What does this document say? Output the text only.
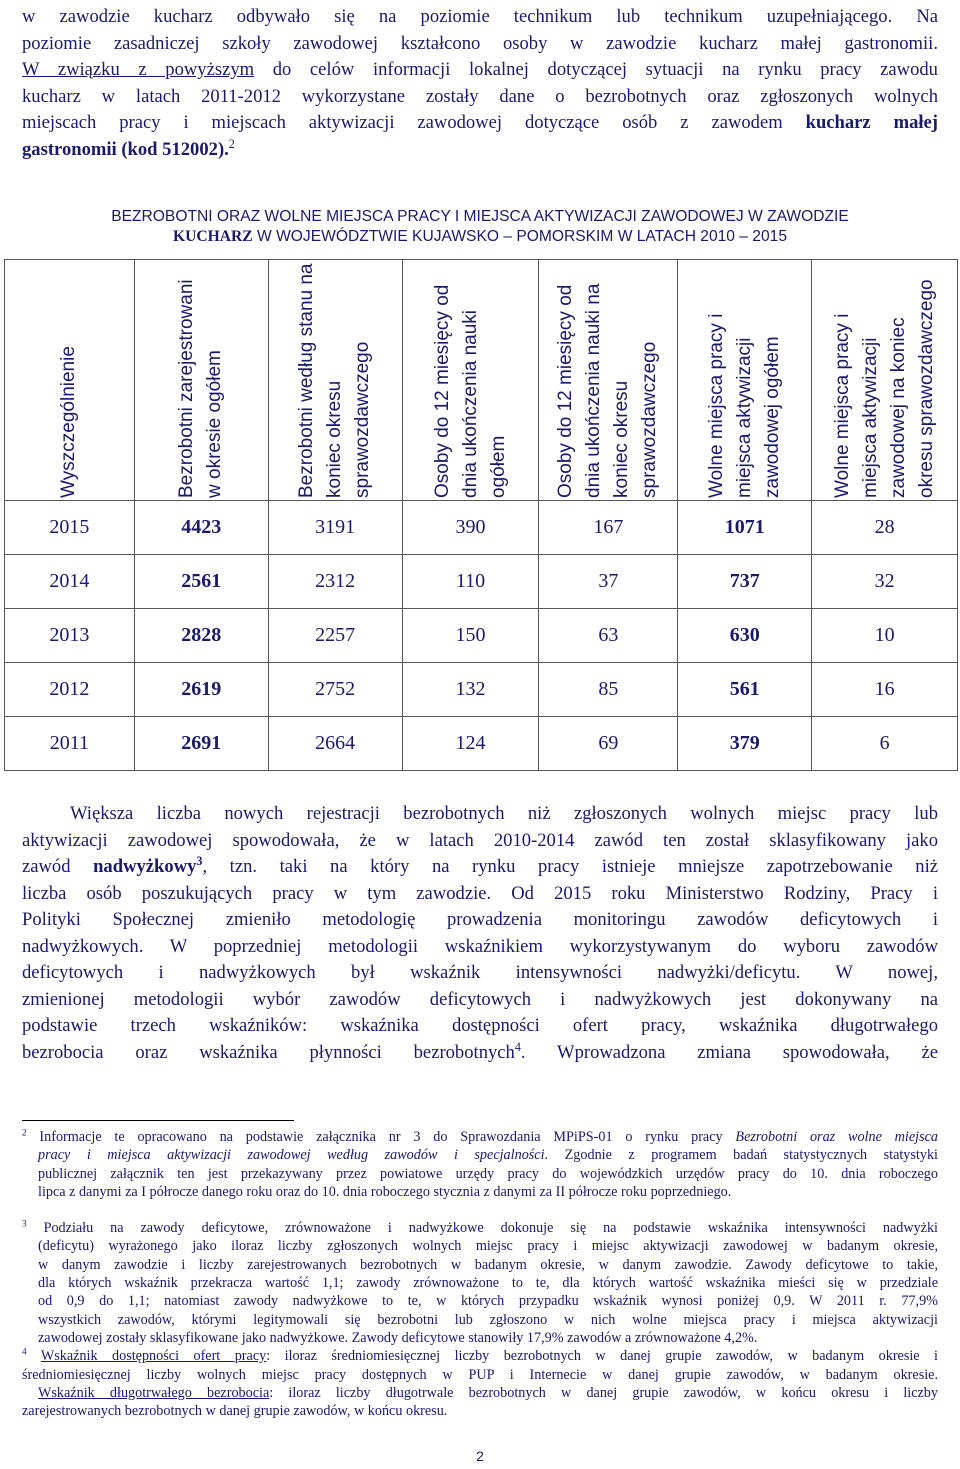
w zawodzie kucharz odbywało się na poziomie technikum lub technikum uzupełniającego. Na
poziomie zasadniczej szkoły zawodowej kształcono osoby w zawodzie kucharz małej gastronomii.
W związku z powyższym do celów informacji lokalnej dotyczącej sytuacji na rynku pracy zawodu
kucharz w latach 2011-2012 wykorzystane zostały dane o bezrobotnych oraz zgłoszonych wolnych
miejscach pracy i miejscach aktywizacji zawodowej dotyczące osób z zawodem kucharz małej
gastronomii (kod 512002).$^2$
BEZROBOTNI ORAZ WOLNE MIEJSCA PRACY I MIEJSCA AKTYWIZACJI ZAWODOWEJ W ZAWODZIE
KUCHARZ W WOJEWÓDZTWIE KUJAWSKO – POMORSKIM W LATACH 2010 – 2015
Wyszczególnienie	Bezrobotni zarejestrowani w okresie ogółem	Bezrobotni według stanu na koniec okresu sprawozdawczego	Osoby do 12 miesięcy od dnia ukończenia nauki ogółem	Osoby do 12 miesięcy od dnia ukończenia nauki na koniec okresu sprawozdawczego	Wolne miejsca pracy i miejsca aktywizacji zawodowej ogółem	Wolne miejsca pracy i miejsca aktywizacji zawodowej na koniec okresu sprawozdawczego

2015	4423	3191	390	167	1071	28
2014	2561	2312	110	37	737	32
2013	2828	2257	150	63	630	10
2012	2619	2752	132	85	561	16
2011	2691	2664	124	69	379	6
Większa liczba nowych rejestracji bezrobotnych niż zgłoszonych wolnych miejsc pracy lub
aktywizacji zawodowej spowodowała, że w latach 2010-2014 zawód ten został sklasyfikowany jako
zawód nadwyżkowy$^3$, tzn. taki na który na rynku pracy istnieje mniejsze zapotrzebowanie niż
liczba osób poszukujących pracy w tym zawodzie. Od 2015 roku Ministerstwo Rodziny, Pracy i
Polityki Społecznej zmieniło metodologię prowadzenia monitoringu zawodów deficytowych i
nadwyżkowych. W poprzedniej metodologii wskaźnikiem wykorzystywanym do wyboru zawodów
deficytowych i nadwyżkowych był wskaźnik intensywności nadwyżki/deficytu. W nowej,
zmienionej metodologii wybór zawodów deficytowych i nadwyżkowych jest dokonywany na
podstawie trzech wskaźników: wskaźnika dostępności ofert pracy, wskaźnika długotrwałego
bezrobocia oraz wskaźnika płynności bezrobotnych$^4$. Wprowadzona zmiana spowodowała, że
$^2$ Informacje te opracowano na podstawie załącznika nr 3 do Sprawozdania MPiPS-01 o rynku pracy Bezrobotni oraz wolne miejsca
pracy i miejsca aktywizacji zawodowej według zawodów i specjalności. Zgodnie z programem badań statystycznych statystyki
publicznej załącznik ten jest przekazywany przez powiatowe urzędy pracy do wojewódzkich urzędów pracy do 10. dnia roboczego
lipca z danymi za I półrocze danego roku oraz do 10. dnia roboczego stycznia z danymi za II półrocze roku poprzedniego.
$^3$ Podziału na zawody deficytowe, zrównoważone i nadwyżkowe dokonuje się na podstawie wskaźnika intensywności nadwyżki
(deficytu) wyrażonego jako iloraz liczby zgłoszonych wolnych miejsc pracy i miejsc aktywizacji zawodowej w badanym okresie,
w danym zawodzie i liczby zarejestrowanych bezrobotnych w badanym okresie, w danym zawodzie. Zawody deficytowe to takie,
dla których wskaźnik przekracza wartość 1,1; zawody zrównoważone to te, dla których wartość wskaźnika mieści się w przedziale
od 0,9 do 1,1; natomiast zawody nadwyżkowe to te, w których przypadku wskaźnik wynosi poniżej 0,9. W 2011 r. 77,9%
wszystkich zawodów, którymi legitymowali się bezrobotni lub zgłoszono w nich wolne miejsca pracy i miejsca aktywizacji
zawodowej zostały sklasyfikowane jako nadwyżkowe. Zawody deficytowe stanowiły 17,9% zawodów a zrównoważone 4,2%.
$^4$ Wskaźnik dostępności ofert pracy: iloraz średniomiesięcznej liczby bezrobotnych w danej grupie zawodów, w badanym okresie i
średniomiesięcznej liczby wolnych miejsc pracy dostępnych w PUP i Internecie w danej grupie zawodów, w badanym okresie.
Wskaźnik długotrwałego bezrobocia: iloraz liczby długotrwale bezrobotnych w danej grupie zawodów, w końcu okresu i liczby
zarejestrowanych bezrobotnych w danej grupie zawodów, w końcu okresu.
2
